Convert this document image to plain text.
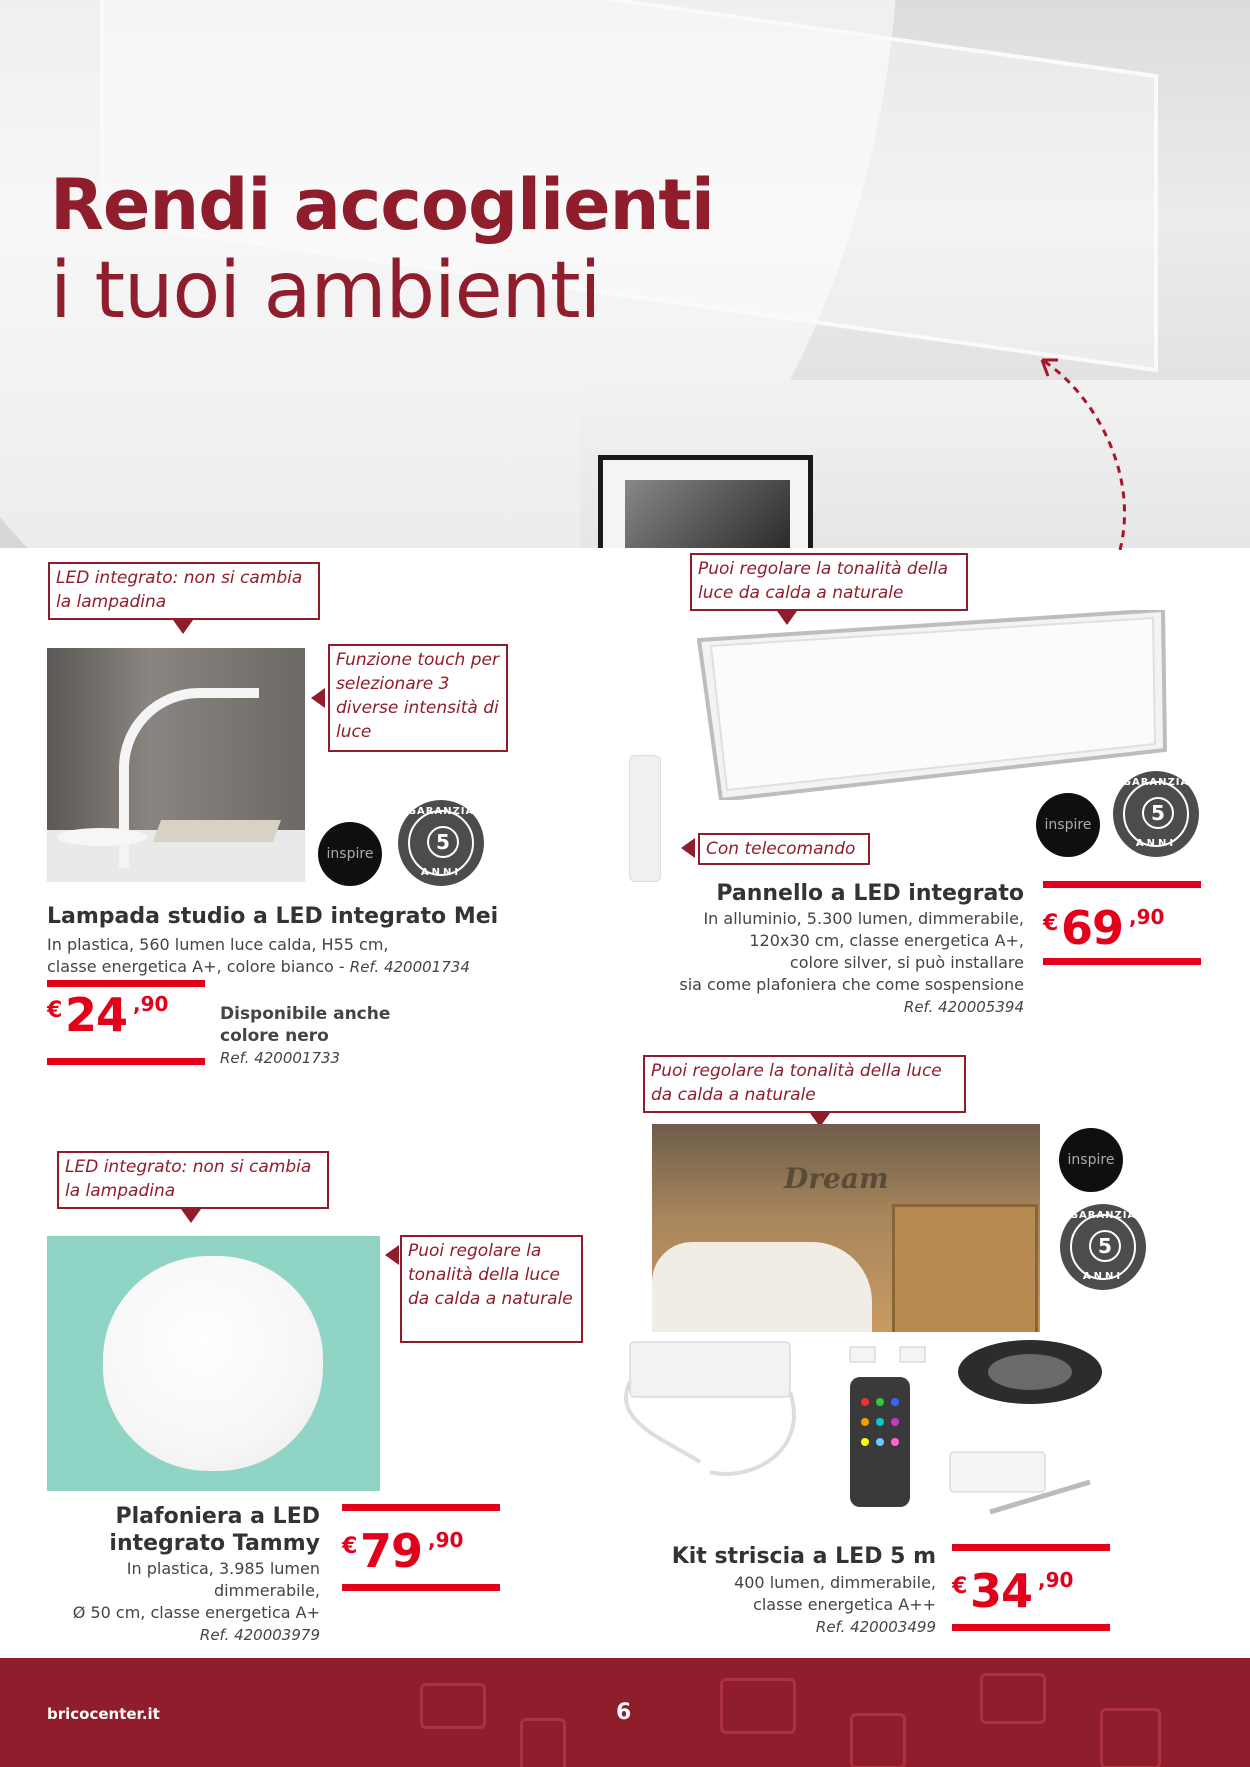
Rendi accoglienti
i tuoi ambienti
LED integrato: non si cambia la lampadina
Funzione touch per selezionare 3 diverse intensità di luce
inspire
GARANZIA
5
ANNI
Lampada studio a LED integrato Mei
In plastica, 560 lumen luce calda, H55 cm,
classe energetica A+, colore bianco - Ref. 420001734
€ 24 ,90	Disponibile anche
colore nero
Ref. 420001733
Puoi regolare la tonalità della luce da calda a naturale
Con telecomando
inspire
GARANZIA
5
ANNI
Pannello a LED integrato
In alluminio, 5.300 lumen, dimmerabile,
120x30 cm, classe energetica A+,
colore silver, si può installare
sia come plafoniera che come sospensione
Ref. 420005394
€ 69 ,90
LED integrato: non si cambia la lampadina
Puoi regolare la tonalità della luce da calda a naturale
Plafoniera a LED
integrato Tammy
In plastica, 3.985 lumen
dimmerabile,
Ø 50 cm, classe energetica A+
Ref. 420003979
€ 79 ,90
Puoi regolare la tonalità della luce da calda a naturale
Dream
inspire
GARANZIA
5
ANNI
Kit striscia a LED 5 m
400 lumen, dimmerabile,
classe energetica A++
Ref. 420003499
€ 34 ,90
bricocenter.it	6
